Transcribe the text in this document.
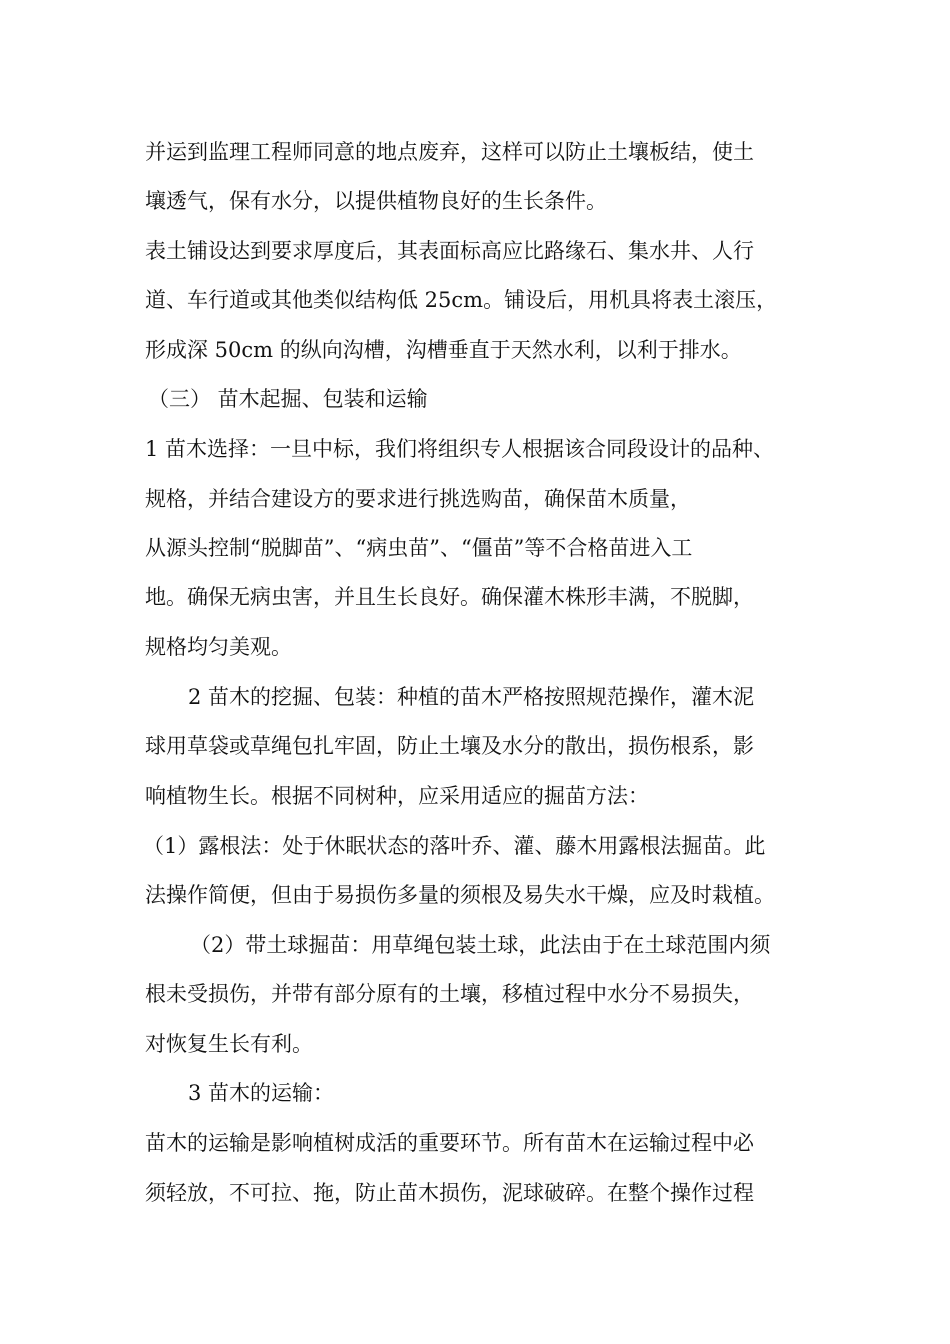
并运到监理工程师同意的地点废弃，这样可以防止土壤板结，使土
壤透气，保有水分，以提供植物良好的生长条件。
表土铺设达到要求厚度后，其表面标高应比路缘石、集水井、人行
道、车行道或其他类似结构低 25cm。铺设后，用机具将表土滚压，
形成深 50cm 的纵向沟槽，沟槽垂直于天然水利，以利于排水。
（三） 苗木起掘、包装和运输
1 苗木选择：一旦中标，我们将组织专人根据该合同段设计的品种、
规格，并结合建设方的要求进行挑选购苗，确保苗木质量，
从源头控制“脱脚苗”、“病虫苗”、“僵苗”等不合格苗进入工
地。确保无病虫害，并且生长良好。确保灌木株形丰满，不脱脚，
规格均匀美观。
2 苗木的挖掘、包装：种植的苗木严格按照规范操作，灌木泥
球用草袋或草绳包扎牢固，防止土壤及水分的散出，损伤根系，影
响植物生长。根据不同树种，应采用适应的掘苗方法：
（1）露根法：处于休眠状态的落叶乔、灌、藤木用露根法掘苗。此
法操作简便，但由于易损伤多量的须根及易失水干燥，应及时栽植。
（2）带土球掘苗：用草绳包装土球，此法由于在土球范围内须
根未受损伤，并带有部分原有的土壤，移植过程中水分不易损失，
对恢复生长有利。
3 苗木的运输：
苗木的运输是影响植树成活的重要环节。所有苗木在运输过程中必
须轻放，不可拉、拖，防止苗木损伤，泥球破碎。在整个操作过程
